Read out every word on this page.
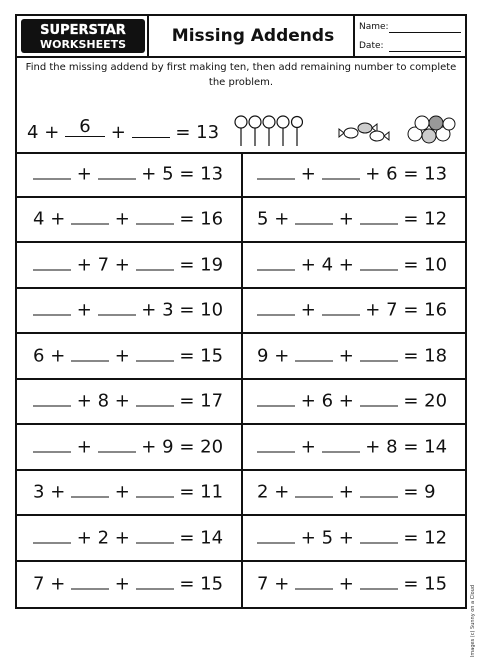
SUPERSTAR
WORKSHEETS	Missing Addends	Name:
Date:
Find the missing addend by first making ten, then add remaining number to complete the problem.
4 + 6 +	= 13
+	+ 5 = 13	+	+ 6 = 13
4 +	+	= 16 5 +	+	= 12
+ 7 +	= 19	+ 4 +	= 10
+	+ 3 = 10	+	+ 7 = 16
6 +	+	= 15 9 +	+	= 18
+ 8 +	= 17	+ 6 +	= 20
+	+ 9 = 20	+	+ 8 = 14
3 +	+	= 11 2 +	+	= 9
+ 2 +	= 14	+ 5 +	= 12
7 +	+	= 15 7 +	+	= 15
Images (c) Sunny on a Cloud
